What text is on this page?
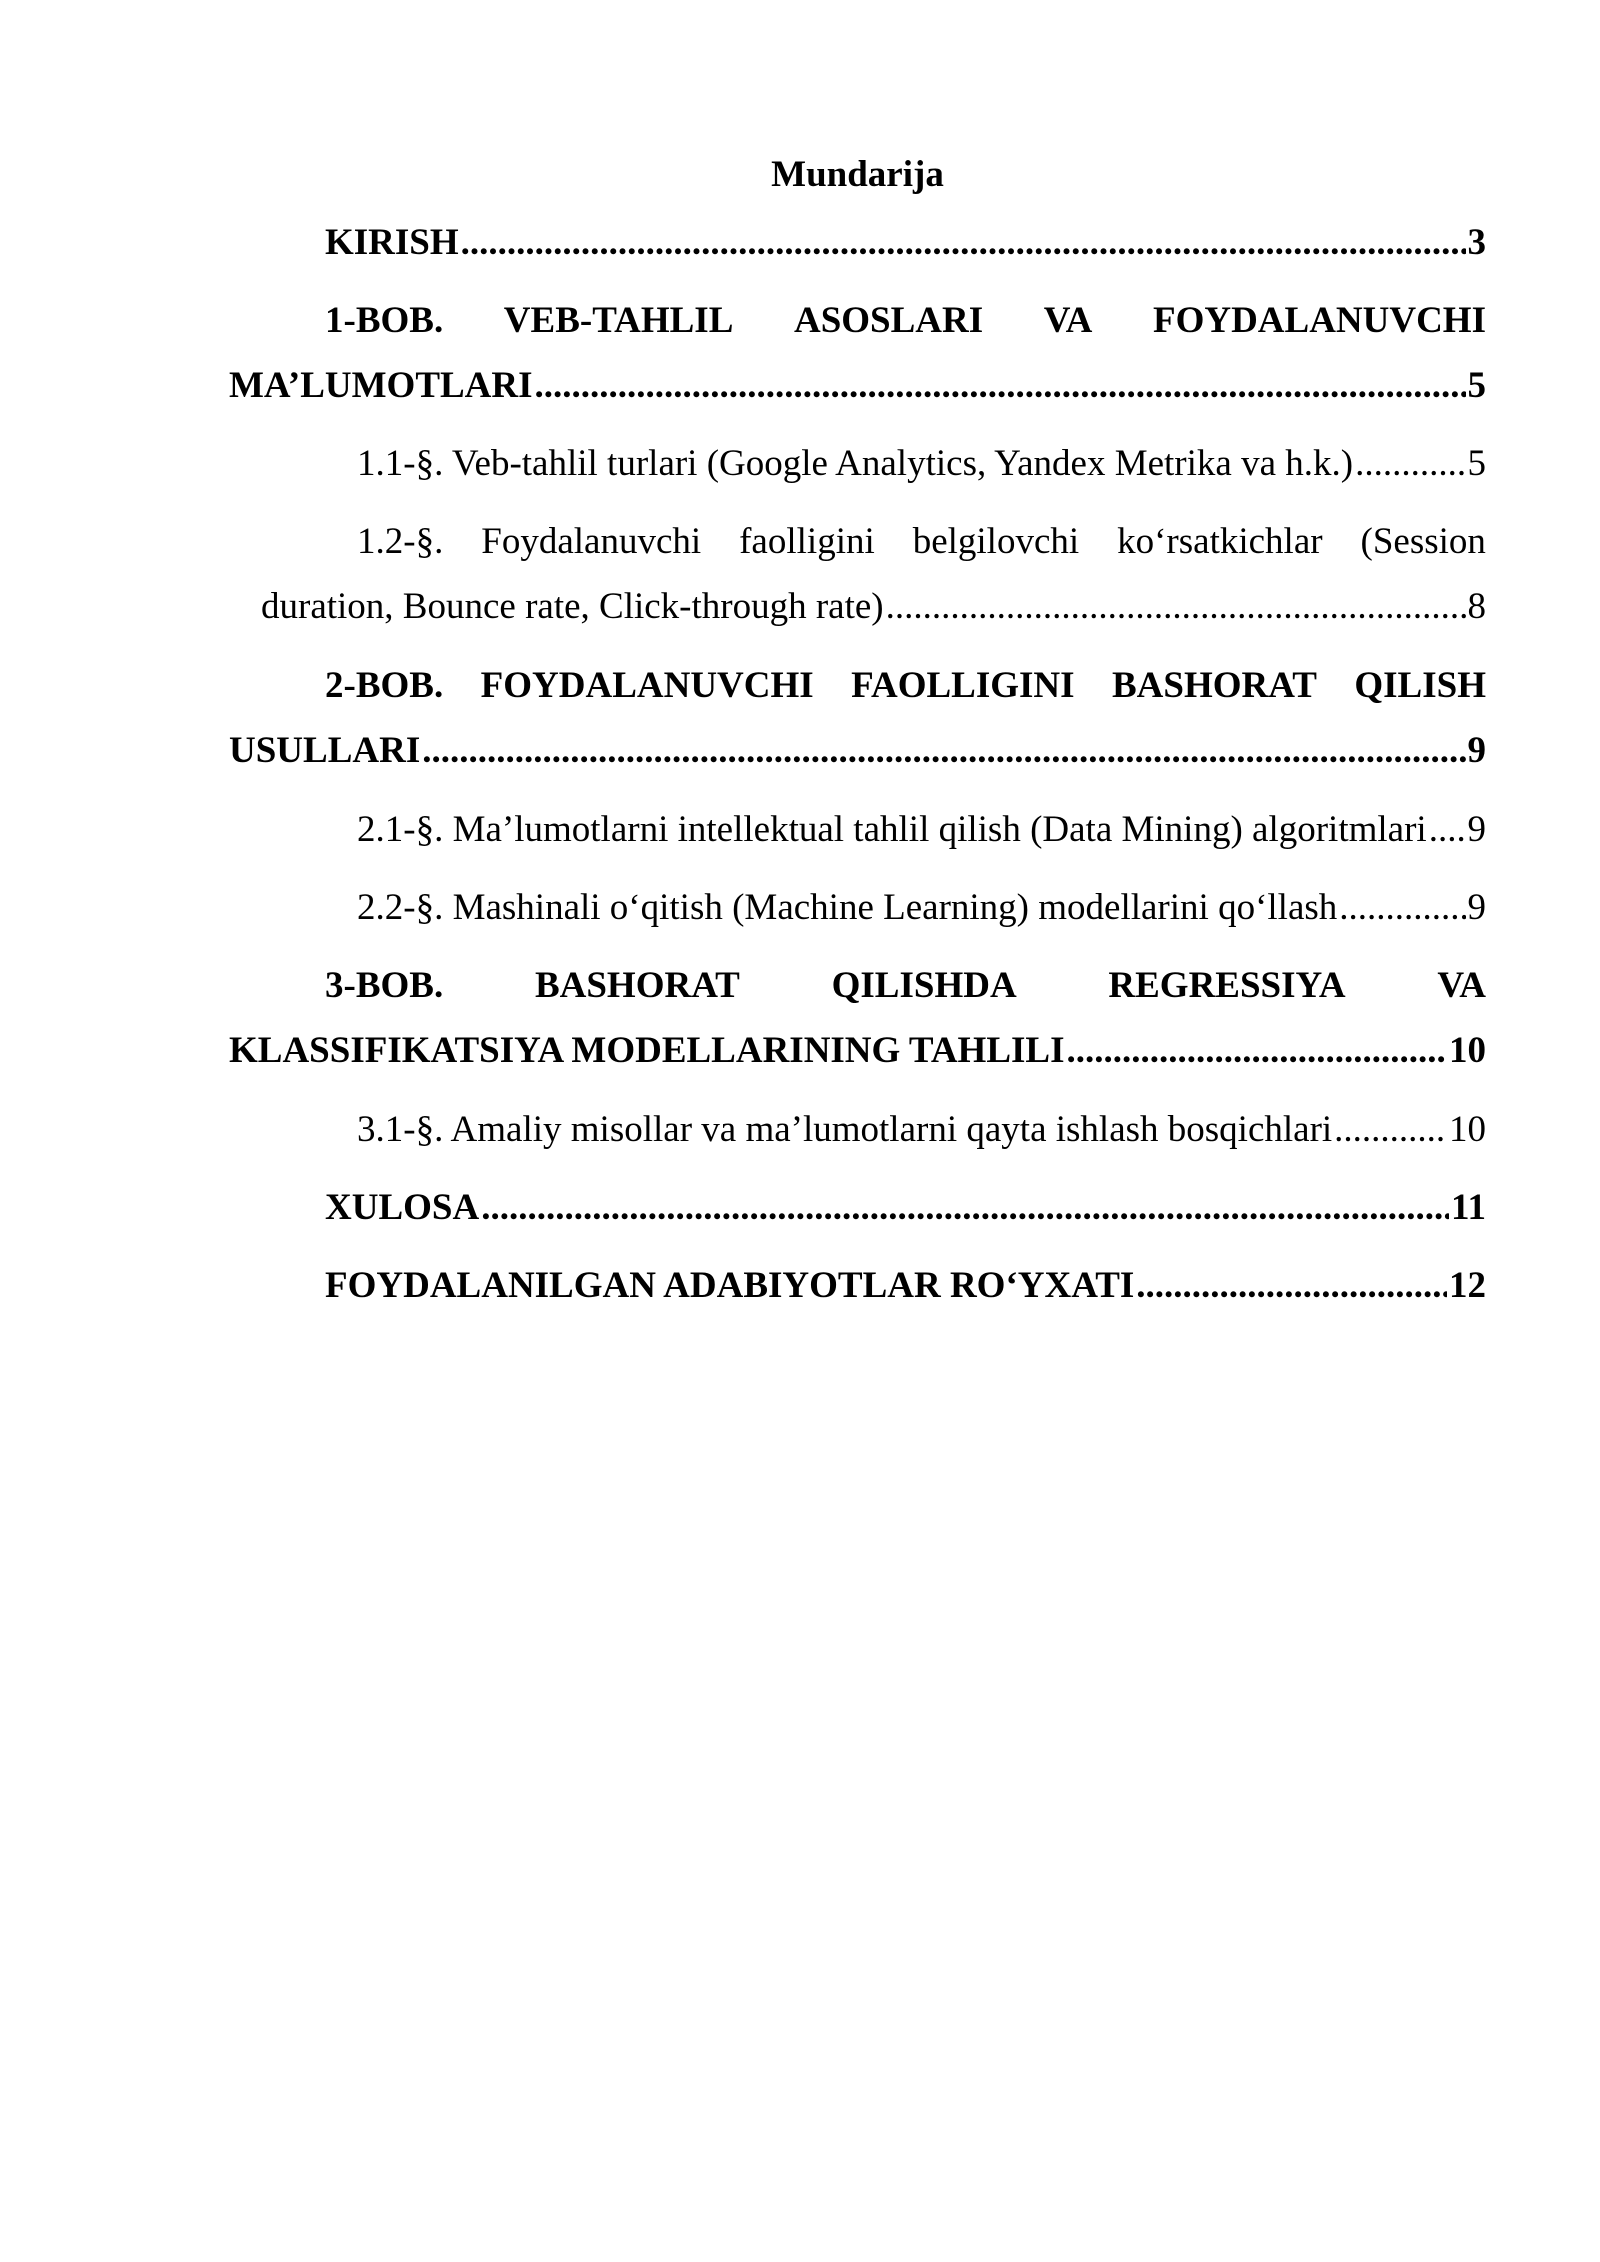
Mundarija
KIRISH .....	3
1-BOB. VEB-TAHLIL ASOSLARI VA FOYDALANUVCHI
MA’LUMOTLARI .....	5
1.1-§. Veb-tahlil turlari (Google Analytics, Yandex Metrika va h.k.) .....	5
1.2-§. Foydalanuvchi faolligini belgilovchi ko‘rsatkichlar (Session
duration, Bounce rate, Click-through rate) .....	8
2-BOB. FOYDALANUVCHI FAOLLIGINI BASHORAT QILISH
USULLARI .....	9
2.1-§. Ma’lumotlarni intellektual tahlil qilish (Data Mining) algoritmlari ..... 9
2.2-§. Mashinali o‘qitish (Machine Learning) modellarini qo‘llash .....	9
3-BOB. BASHORAT QILISHDA REGRESSIYA VA
KLASSIFIKATSIYA MODELLARINING TAHLILI .....	10
3.1-§. Amaliy misollar va ma’lumotlarni qayta ishlash bosqichlari .....	10
XULOSA .....	11
FOYDALANILGAN ADABIYOTLAR RO‘YXATI .....	12
